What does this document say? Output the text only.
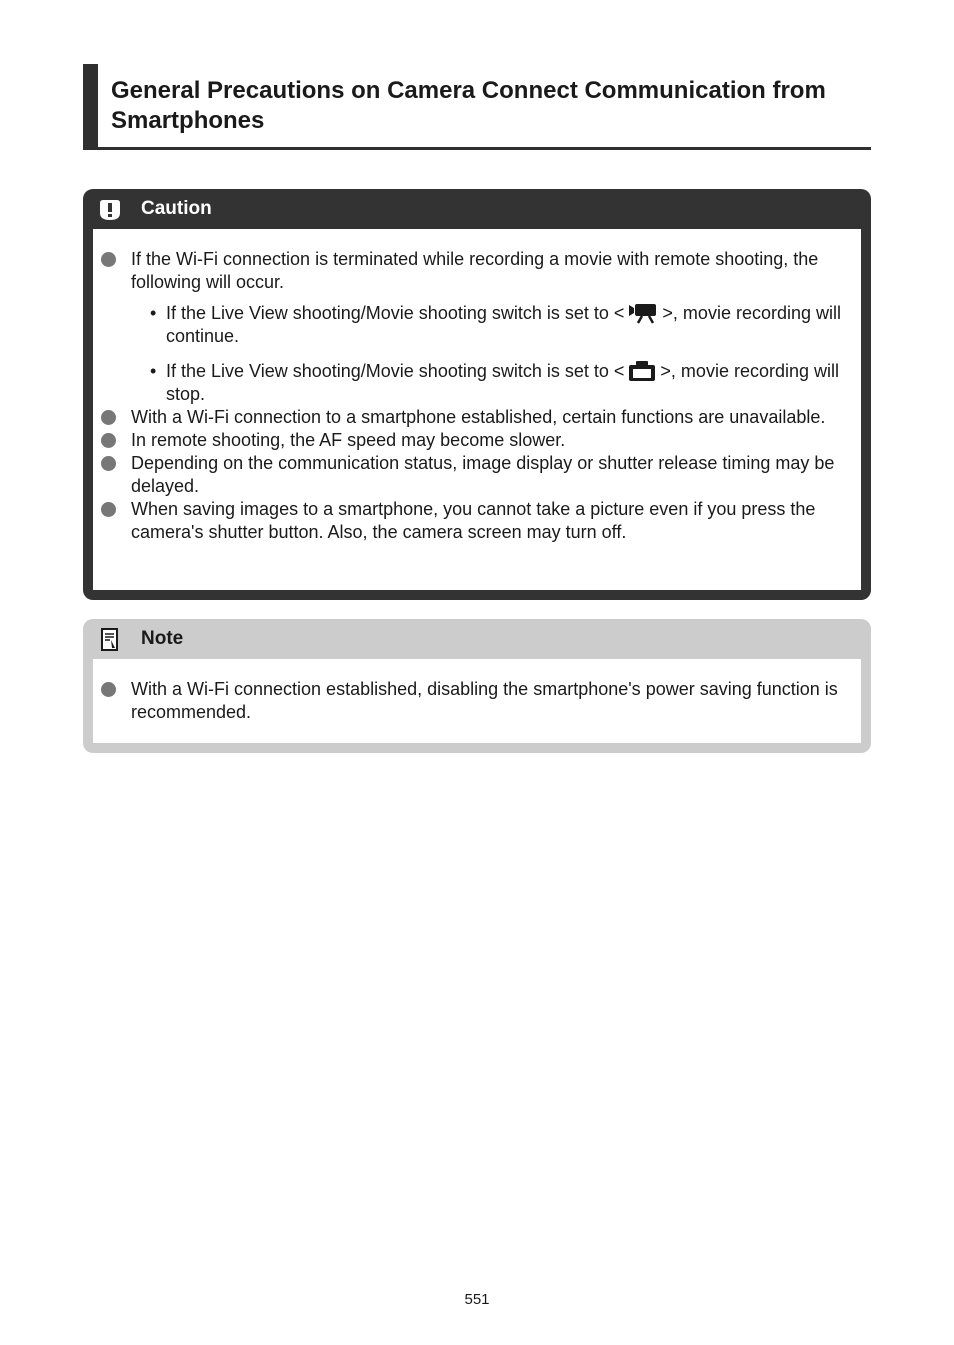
General Precautions on Camera Connect Communication from Smartphones
Caution
If the Wi-Fi connection is terminated while recording a movie with remote shooting, the following will occur.
• If the Live View shooting/Movie shooting switch is set to < >, movie recording will continue.
• If the Live View shooting/Movie shooting switch is set to < >, movie recording will stop.
With a Wi-Fi connection to a smartphone established, certain functions are unavailable.
In remote shooting, the AF speed may become slower.
Depending on the communication status, image display or shutter release timing may be delayed.
When saving images to a smartphone, you cannot take a picture even if you press the camera's shutter button. Also, the camera screen may turn off.
Note
With a Wi-Fi connection established, disabling the smartphone's power saving function is recommended.
551
